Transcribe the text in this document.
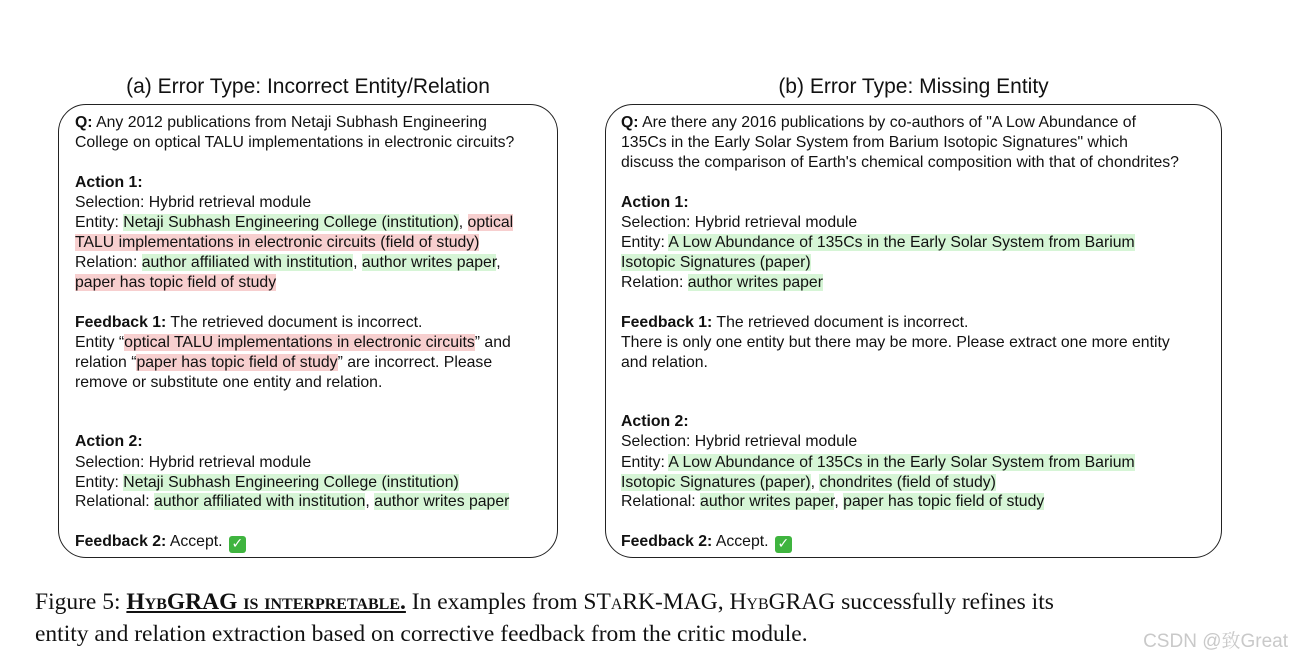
(a) Error Type: Incorrect Entity/Relation	(b) Error Type: Missing Entity
Q: Any 2012 publications from Netaji Subhash Engineering
College on optical TALU implementations in electronic circuits?
Action 1:
Selection: Hybrid retrieval module
Entity: Netaji Subhash Engineering College (institution), optical
TALU implementations in electronic circuits (field of study)
Relation: author affiliated with institution, author writes paper,
paper has topic field of study
Feedback 1: The retrieved document is incorrect.
Entity “optical TALU implementations in electronic circuits” and
relation “paper has topic field of study” are incorrect. Please
remove or substitute one entity and relation.
Action 2:
Selection: Hybrid retrieval module
Entity: Netaji Subhash Engineering College (institution)
Relational: author affiliated with institution, author writes paper
Feedback 2: Accept. ✓
Q: Are there any 2016 publications by co-authors of "A Low Abundance of
135Cs in the Early Solar System from Barium Isotopic Signatures" which
discuss the comparison of Earth's chemical composition with that of chondrites?
Action 1:
Selection: Hybrid retrieval module
Entity: A Low Abundance of 135Cs in the Early Solar System from Barium
Isotopic Signatures (paper)
Relation: author writes paper
Feedback 1: The retrieved document is incorrect.
There is only one entity but there may be more. Please extract one more entity
and relation.
Action 2:
Selection: Hybrid retrieval module
Entity: A Low Abundance of 135Cs in the Early Solar System from Barium
Isotopic Signatures (paper), chondrites (field of study)
Relational: author writes paper, paper has topic field of study
Feedback 2: Accept. ✓
Figure 5: HybGRAG is interpretable. In examples from STaRK-MAG, HybGRAG successfully refines its
entity and relation extraction based on corrective feedback from the critic module.	CSDN @致Great
